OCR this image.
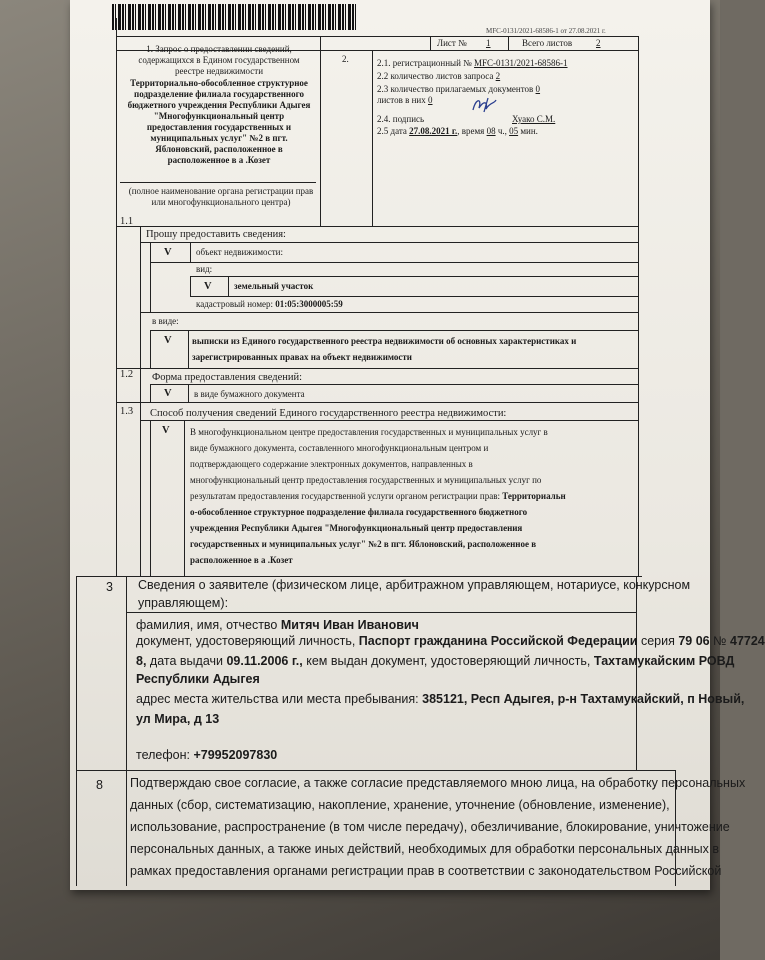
MFC-0131/2021-68586-1 от 27.08.2021 г.
Лист № 1	Всего листов	2
1. Запрос о предоставлении сведений, содержащихся в Едином государственном реестре недвижимости
Территориально-обособленное структурное подразделение филиала государственного бюджетного учреждения Республики Адыгея "Многофункциональный центр предоставления государственных и муниципальных услуг" №2 в пгт. Яблоновский, расположенное в расположенное в а .Козет
(полное наименование органа регистрации прав или многофункционального центра)
2.	2.1. регистрационный № MFC-0131/2021-68586-1
2.2 количество листов запроса 2
2.3 количество прилагаемых документов 0
листов в них 0
2.4. подпись	Хуако С.М.
2.5 дата 27.08.2021 г., время 08 ч., 05 мин.
1.1
Прошу предоставить сведения:
V	объект недвижимости:
вид:
V земельный участок
кадастровый номер: 01:05:3000005:59
в виде:
V выписки из Единого государственного реестра недвижимости об основных характеристиках и
зарегистрированных правах на объект недвижимости
1.2 Форма предоставления сведений:
V в виде бумажного документа
1.3 Способ получения сведений Единого государственного реестра недвижимости:
V В многофункциональном центре предоставления государственных и муниципальных услуг в
виде бумажного документа, составленного многофункциональным центром и
подтверждающего содержание электронных документов, направленных в
многофункциональный центр предоставления государственных и муниципальных услуг по
результатам предоставления государственной услуги органом регистрации прав: Территориальн
о-обособленное структурное подразделение филиала государственного бюджетного
учреждения Республики Адыгея "Многофункциональный центр предоставления
государственных и муниципальных услуг" №2 в пгт. Яблоновский, расположенное в
расположенное в а .Козет
3 Сведения о заявителе (физическом лице, арбитражном управляющем, нотариусе, конкурсном
управляющем):
фамилия, имя, отчество Митяч Иван Иванович
документ, удостоверяющий личность, Паспорт гражданина Российской Федерации серия 79 06 № 47724
8, дата выдачи 09.11.2006 г., кем выдан документ, удостоверяющий личность, Тахтамукайским РОВД
Республики Адыгея
адрес места жительства или места пребывания: 385121, Респ Адыгея, р-н Тахтамукайский, п Новый,
ул Мира, д 13
телефон: +79952097830
8 Подтверждаю свое согласие, а также согласие представляемого мною лица, на обработку персональных
данных (сбор, систематизацию, накопление, хранение, уточнение (обновление, изменение),
использование, распространение (в том числе передачу), обезличивание, блокирование, уничтожение
персональных данных, а также иных действий, необходимых для обработки персональных данных в
рамках предоставления органами регистрации прав в соответствии с законодательством Российской
